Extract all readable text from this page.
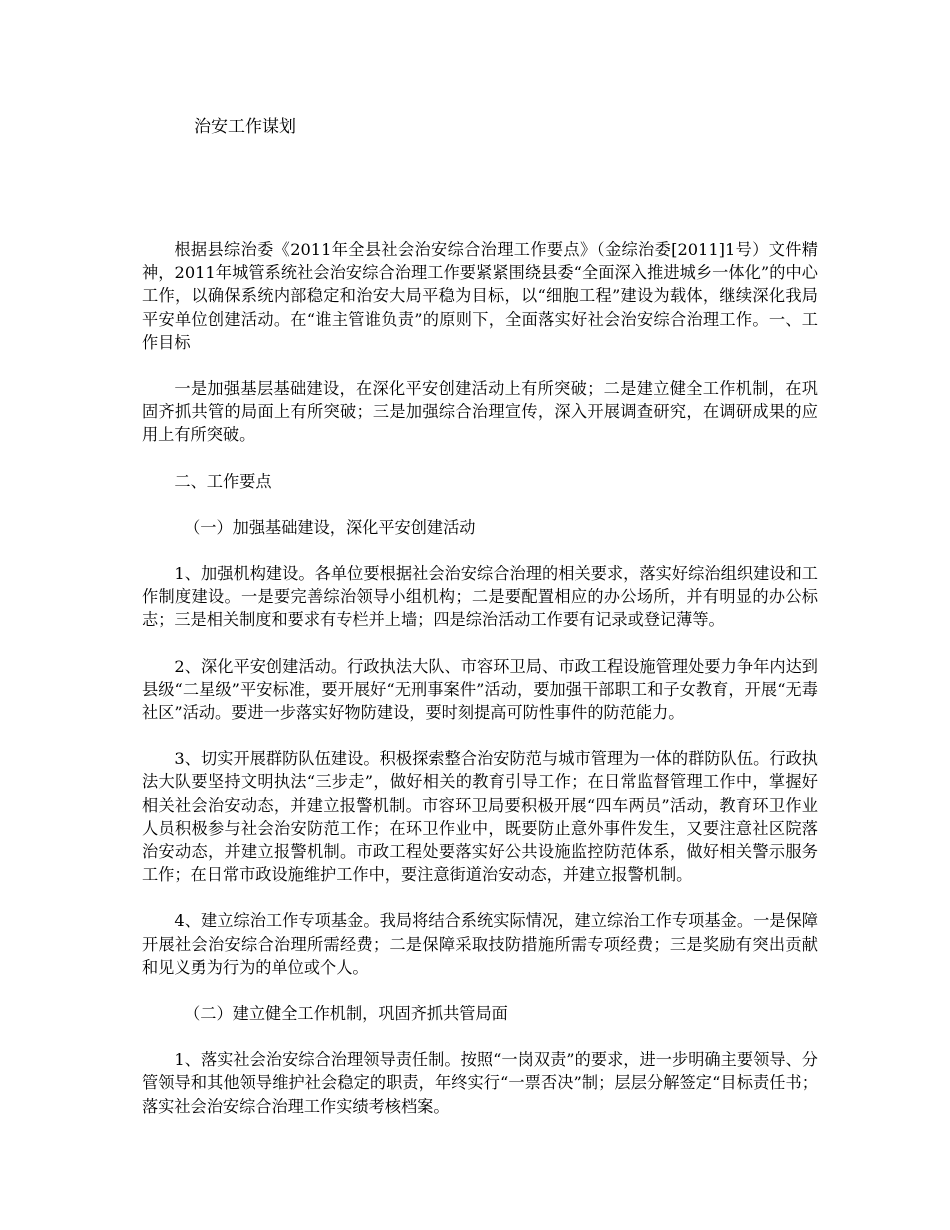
治安工作谋划

根据县综治委《2011年全县社会治安综合治理工作要点》（金综治委[2011]1号）文件精神，2011年城管系统社会治安综合治理工作要紧紧围绕县委“全面深入推进城乡一体化”的中心工作，以确保系统内部稳定和治安大局平稳为目标，以“细胞工程”建设为载体，继续深化我局平安单位创建活动。在“谁主管谁负责”的原则下，全面落实好社会治安综合治理工作。一、工作目标

一是加强基层基础建设，在深化平安创建活动上有所突破；二是建立健全工作机制，在巩固齐抓共管的局面上有所突破；三是加强综合治理宣传，深入开展调查研究，在调研成果的应用上有所突破。

二、工作要点

（一）加强基础建设，深化平安创建活动

1、加强机构建设。各单位要根据社会治安综合治理的相关要求，落实好综治组织建设和工作制度建设。一是要完善综治领导小组机构；二是要配置相应的办公场所，并有明显的办公标志；三是相关制度和要求有专栏并上墙；四是综治活动工作要有记录或登记薄等。

2、深化平安创建活动。行政执法大队、市容环卫局、市政工程设施管理处要力争年内达到县级“二星级”平安标准，要开展好“无刑事案件”活动，要加强干部职工和子女教育，开展“无毒社区”活动。要进一步落实好物防建设，要时刻提高可防性事件的防范能力。

3、切实开展群防队伍建设。积极探索整合治安防范与城市管理为一体的群防队伍。行政执法大队要坚持文明执法“三步走”，做好相关的教育引导工作；在日常监督管理工作中，掌握好相关社会治安动态，并建立报警机制。市容环卫局要积极开展“四车两员”活动，教育环卫作业人员积极参与社会治安防范工作；在环卫作业中，既要防止意外事件发生，又要注意社区院落治安动态，并建立报警机制。市政工程处要落实好公共设施监控防范体系，做好相关警示服务工作；在日常市政设施维护工作中，要注意街道治安动态，并建立报警机制。

4、建立综治工作专项基金。我局将结合系统实际情况，建立综治工作专项基金。一是保障开展社会治安综合治理所需经费；二是保障采取技防措施所需专项经费；三是奖励有突出贡献和见义勇为行为的单位或个人。

（二）建立健全工作机制，巩固齐抓共管局面

1、落实社会治安综合治理领导责任制。按照“一岗双责”的要求，进一步明确主要领导、分管领导和其他领导维护社会稳定的职责，年终实行“一票否决”制；层层分解签定“目标责任书；落实社会治安综合治理工作实绩考核档案。
